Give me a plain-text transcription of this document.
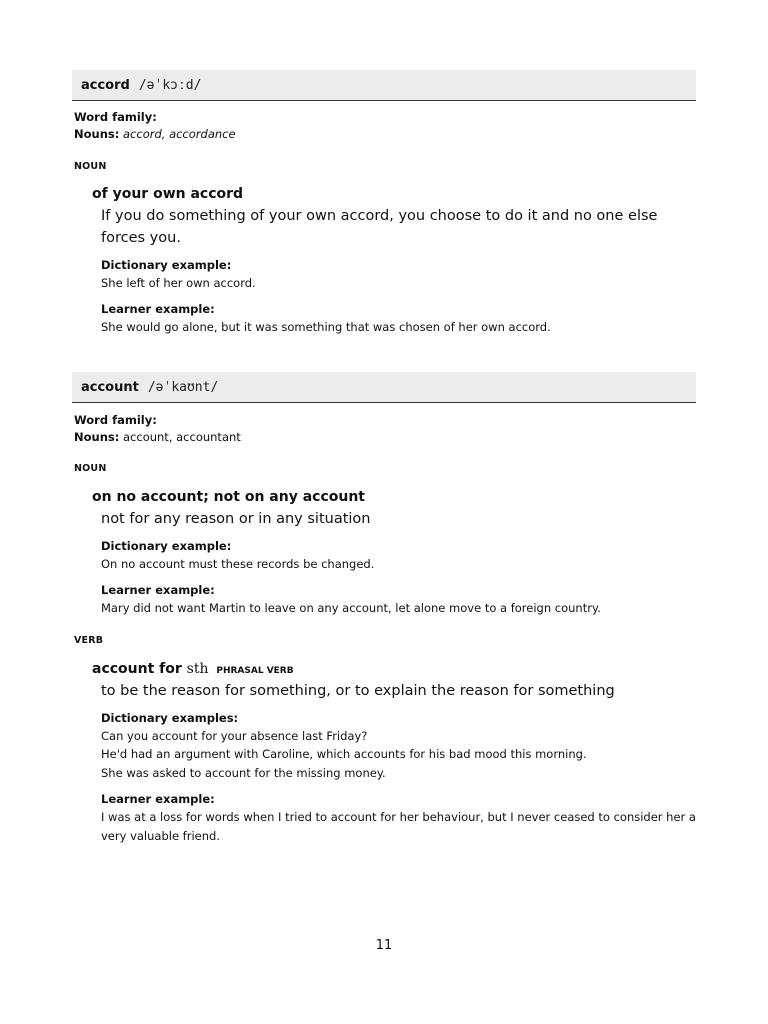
accord /əˈkɔːd/
Word family:
Nouns: accord, accordance
NOUN
of your own accord
If you do something of your own accord, you choose to do it and no one else forces you.
Dictionary example:
She left of her own accord.
Learner example:
She would go alone, but it was something that was chosen of her own accord.
account /əˈkaʊnt/
Word family:
Nouns: account, accountant
NOUN
on no account; not on any account
not for any reason or in any situation
Dictionary example:
On no account must these records be changed.
Learner example:
Mary did not want Martin to leave on any account, let alone move to a foreign country.
VERB
account for sth PHRASAL VERB
to be the reason for something, or to explain the reason for something
Dictionary examples:
Can you account for your absence last Friday?
He'd had an argument with Caroline, which accounts for his bad mood this morning.
She was asked to account for the missing money.
Learner example:
I was at a loss for words when I tried to account for her behaviour, but I never ceased to consider her a very valuable friend.
11
